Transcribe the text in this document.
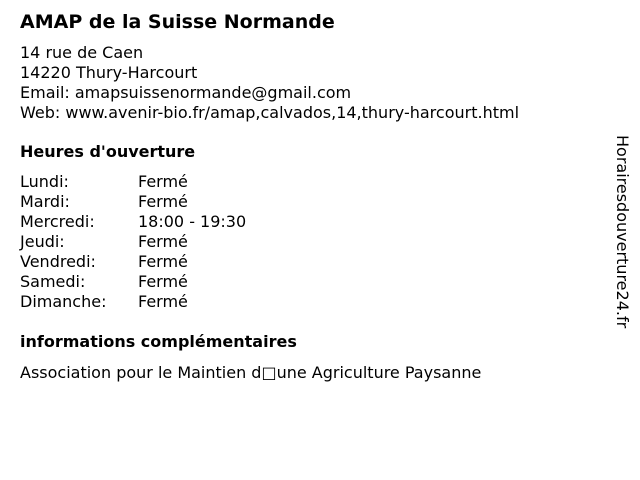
AMAP de la Suisse Normande
14 rue de Caen
14220 Thury-Harcourt
Email: amapsuissenormande@gmail.com
Web: www.avenir-bio.fr/amap,calvados,14,thury-harcourt.html
Heures d'ouverture
Lundi:	Fermé
Mardi:	Fermé
Mercredi:	18:00 - 19:30
Jeudi:	Fermé
Vendredi:	Fermé
Samedi:	Fermé
Dimanche:	Fermé
informations complémentaires
Association pour le Maintien d□une Agriculture Paysanne
Horairesdouverture24.fr
